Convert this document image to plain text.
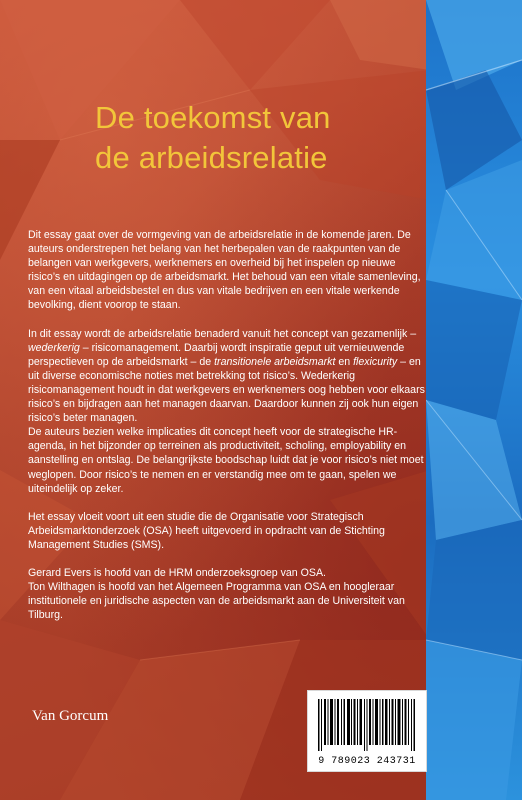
De toekomst van
de arbeidsrelatie

Dit essay gaat over de vormgeving van de arbeidsrelatie in de komende jaren. De auteurs onderstrepen het belang van het herbepalen van de raakpunten van de belangen van werkgevers, werknemers en overheid bij het inspelen op nieuwe risico’s en uitdagingen op de arbeidsmarkt. Het behoud van een vitale samenleving, van een vitaal arbeidsbestel en dus van vitale bedrijven en een vitale werkende bevolking, dient voorop te staan.

In dit essay wordt de arbeidsrelatie benaderd vanuit het concept van gezamenlijk – wederkerig – risicomanagement. Daarbij wordt inspiratie geput uit vernieuwende perspectieven op de arbeidsmarkt – de transitionele arbeidsmarkt en flexicurity – en uit diverse economische noties met betrekking tot risico’s. Wederkerig risicomanagement houdt in dat werkgevers en werknemers oog hebben voor elkaars risico’s en bijdragen aan het managen daarvan. Daardoor kunnen zij ook hun eigen risico’s beter managen.

De auteurs bezien welke implicaties dit concept heeft voor de strategische HR-agenda, in het bijzonder op terreinen als productiviteit, scholing, employability en aanstelling en ontslag. De belangrijkste boodschap luidt dat je voor risico’s niet moet weglopen. Door risico’s te nemen en er verstandig mee om te gaan, spelen we uiteindelijk op zeker.

Het essay vloeit voort uit een studie die de Organisatie voor Strategisch Arbeidsmarktonderzoek (OSA) heeft uitgevoerd in opdracht van de Stichting Management Studies (SMS).

Gerard Evers is hoofd van de HRM onderzoeksgroep van OSA.

Ton Wilthagen is hoofd van het Algemeen Programma van OSA en hoogleraar institutionele en juridische aspecten van de arbeidsmarkt aan de Universiteit van Tilburg.

Van Gorcum
9 789023 243731
